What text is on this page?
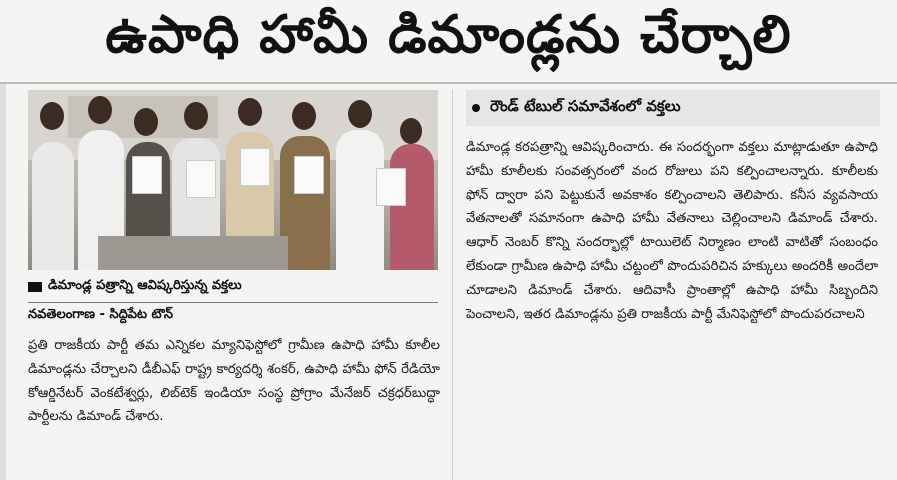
ఉపాధి హామీ డిమాండ్లను చేర్చాలి
డిమాండ్ల పత్రాన్ని ఆవిష్కరిస్తున్న వక్తలు
నవతెలంగాణ - సిద్దిపేట టౌన్

ప్రతి రాజకీయ పార్టీ తమ ఎన్నికల మ్యానిఫెస్టోలో గ్రామీణ ఉపాధి హామీ కూలీల డిమాండ్లను చేర్చాలని డీబీఎఫ్ రాష్ట్ర కార్యదర్శి శంకర్, ఉపాధి హామీ ఫోన్ రేడియో కోఆర్డినేటర్ వెంకటేశ్వర్లు, లిబ్‌టెక్ ఇండియా సంస్థ ప్రోగ్రాం మేనేజర్ చక్రధర్‌బుద్ధా పార్టీలను డిమాండ్ చేశారు.

రౌండ్ టేబుల్ సమావేశంలో వక్తలు

డిమాండ్ల కరపత్రాన్ని ఆవిష్కరించారు. ఈ సందర్భంగా వక్తలు మాట్లాడుతూ ఉపాధి హామీ కూలీలకు సంవత్సరంలో వంద రోజులు పని కల్పించాలన్నారు. కూలీలకు ఫోన్ ద్వారా పని పెట్టుకునే అవకాశం కల్పించాలని తెలిపారు. కనీస వ్యవసాయ వేతనాలతో సమానంగా ఉపాధి హామీ వేతనాలు చెల్లించాలని డిమాండ్ చేశారు. ఆధార్ నెంబర్ కొన్ని సందర్భాల్లో టాయిలెట్ నిర్మాణం లాంటి వాటితో సంబంధం లేకుండా గ్రామీణ ఉపాధి హామీ చట్టంలో పొందుపరిచిన హక్కులు అందరికీ అందేలా చూడాలని డిమాండ్ చేశారు. ఆదివాసీ ప్రాంతాల్లో ఉపాధి హామీ సిబ్బందిని పెంచాలని, ఇతర డిమాండ్లను ప్రతి రాజకీయ పార్టీ మేనిఫెస్టోలో పొందుపరచాలని
